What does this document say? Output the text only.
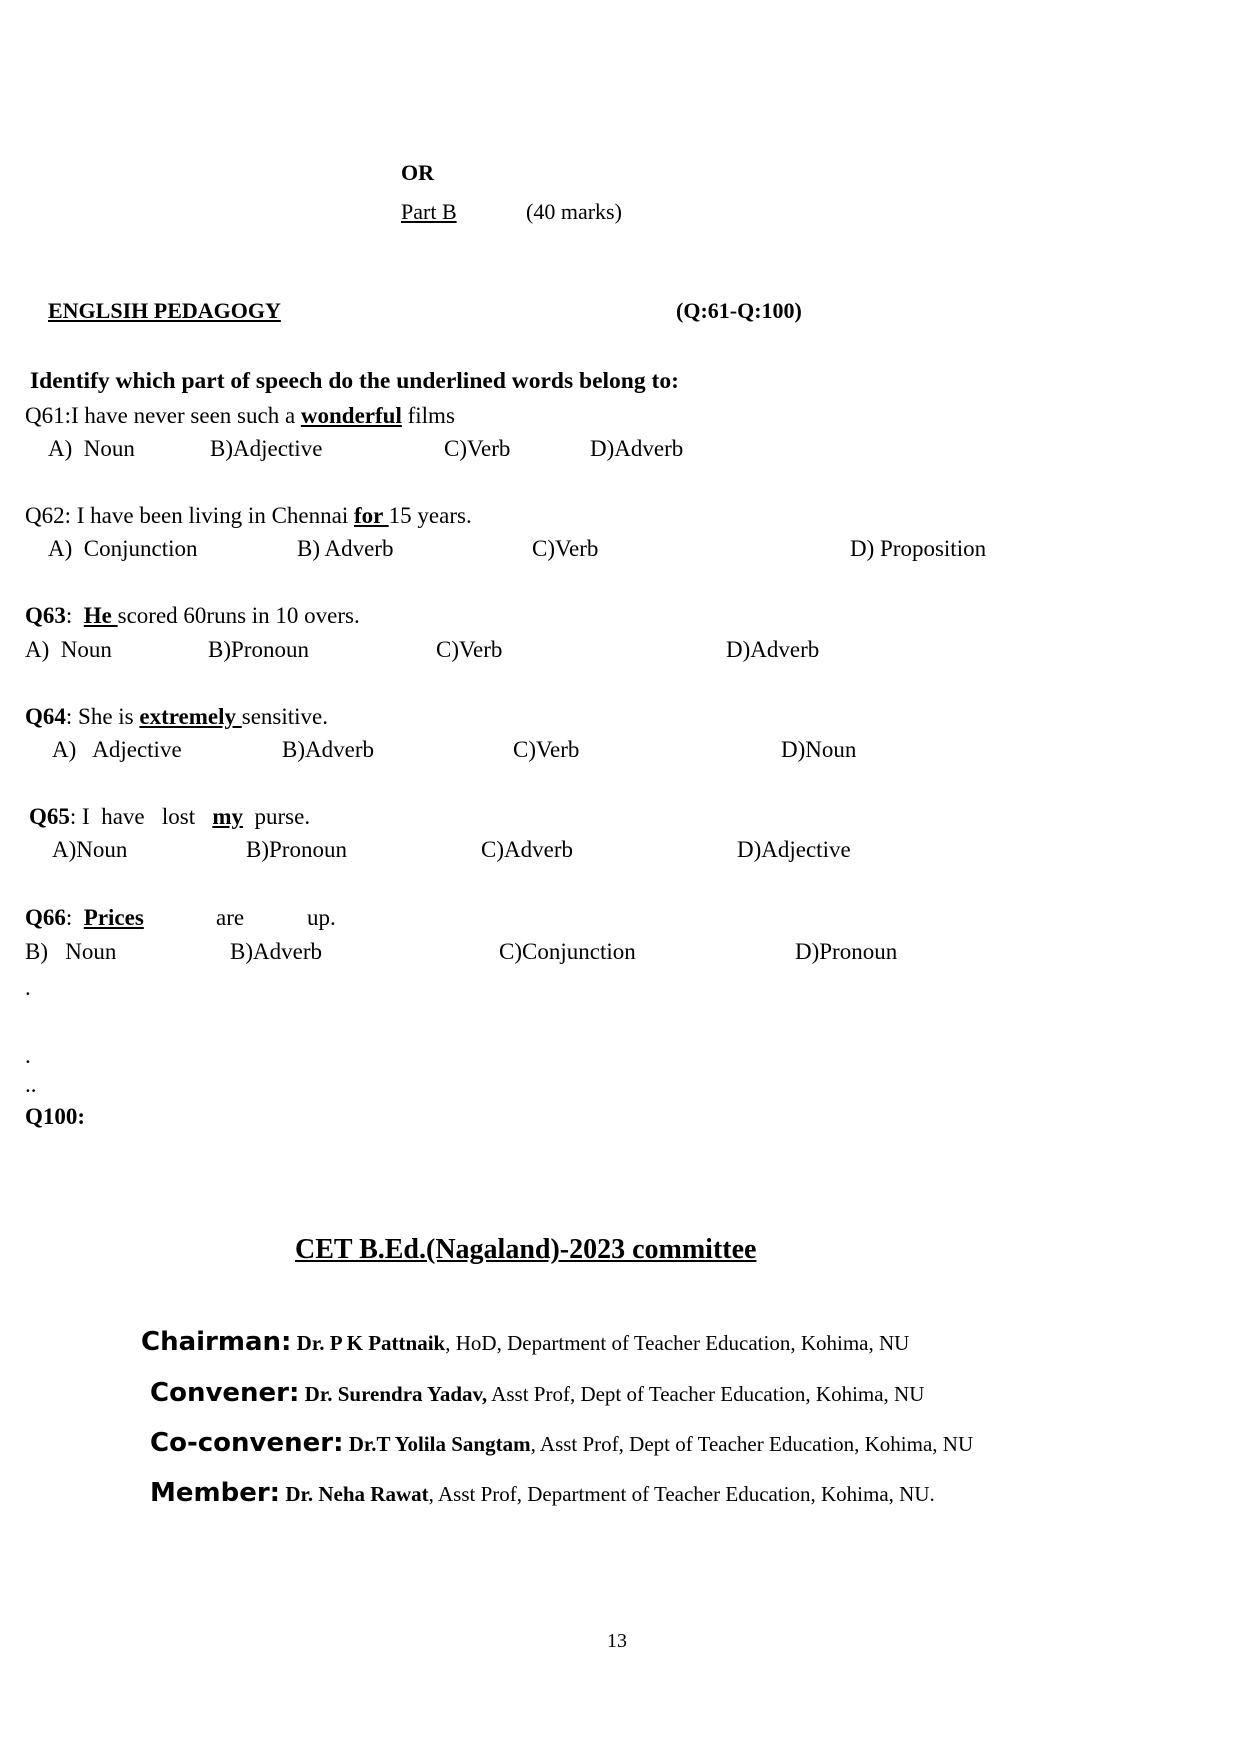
OR
Part B	(40 marks)
ENGLSIH PEDAGOGY	(Q:61-Q:100)
Identify which part of speech do the underlined words belong to:
Q61:I have never seen such a wonderful films
A)  Noun	B)Adjective	C)Verb	D)Adverb
Q62: I have been living in Chennai for 15 years.
A)  Conjunction	B) Adverb	C)Verb	D) Proposition
Q63:  He scored 60runs in 10 overs.
A)  Noun	B)Pronoun	C)Verb	D)Adverb
Q64: She is extremely sensitive.
A)   Adjective	B)Adverb	C)Verb	D)Noun
Q65: I  have   lost   my  purse.
A)Noun	B)Pronoun	C)Adverb	D)Adjective
Q66:  Prices	are	up.
B)   Noun	B)Adverb	C)Conjunction	D)Pronoun
.
.
..
Q100:
CET B.Ed.(Nagaland)-2023 committee
Chairman: Dr. P K Pattnaik, HoD, Department of Teacher Education, Kohima, NU
Convener: Dr. Surendra Yadav, Asst Prof, Dept of Teacher Education, Kohima, NU
Co-convener: Dr.T Yolila Sangtam, Asst Prof, Dept of Teacher Education, Kohima, NU
Member: Dr. Neha Rawat, Asst Prof, Department of Teacher Education, Kohima, NU.
13
